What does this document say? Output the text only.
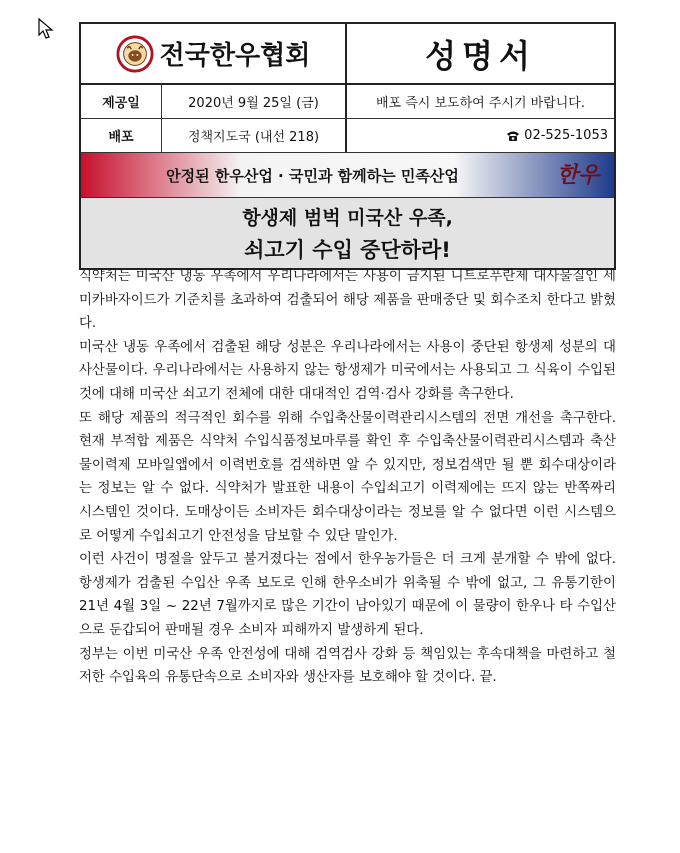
전국한우협회	성명서
제공일	2020년 9월 25일 (금)	배포 즉시 보도하여 주시기 바랍니다.
배포	정책지도국 (내선 218)	02-525-1053
안정된 한우산업 · 국민과 함께하는 민족산업	한우
항생제 범벅 미국산 우족,
쇠고기 수입 중단하라!

식약처는 미국산 냉동 우족에서 우리나라에서는 사용이 금지된 니트로푸란제 대사물질인 세미카바자이드가 기준치를 초과하여 검출되어 해당 제품을 판매중단 및 회수조치 한다고 밝혔다.

미국산 냉동 우족에서 검출된 해당 성분은 우리나라에서는 사용이 중단된 항생제 성분의 대사산물이다. 우리나라에서는 사용하지 않는 항생제가 미국에서는 사용되고 그 식육이 수입된 것에 대해 미국산 쇠고기 전체에 대한 대대적인 검역·검사 강화를 촉구한다.

또 해당 제품의 적극적인 회수를 위해 수입축산물이력관리시스템의 전면 개선을 촉구한다. 현재 부적합 제품은 식약처 수입식품정보마루를 확인 후 수입축산물이력관리시스템과 축산물이력제 모바일앱에서 이력번호를 검색하면 알 수 있지만, 정보검색만 될 뿐 회수대상이라는 정보는 알 수 없다. 식약처가 발표한 내용이 수입쇠고기 이력제에는 뜨지 않는 반쪽짜리 시스템인 것이다. 도매상이든 소비자든 회수대상이라는 정보를 알 수 없다면 이런 시스템으로 어떻게 수입쇠고기 안전성을 담보할 수 있단 말인가.

이런 사건이 명절을 앞두고 불거졌다는 점에서 한우농가들은 더 크게 분개할 수 밖에 없다. 항생제가 검출된 수입산 우족 보도로 인해 한우소비가 위축될 수 밖에 없고, 그 유통기한이 21년 4월 3일 ~ 22년 7월까지로 많은 기간이 남아있기 때문에 이 물량이 한우나 타 수입산으로 둔갑되어 판매될 경우 소비자 피해까지 발생하게 된다.

정부는 이번 미국산 우족 안전성에 대해 검역검사 강화 등 책임있는 후속대책을 마련하고 철저한 수입육의 유통단속으로 소비자와 생산자를 보호해야 할 것이다. 끝.
